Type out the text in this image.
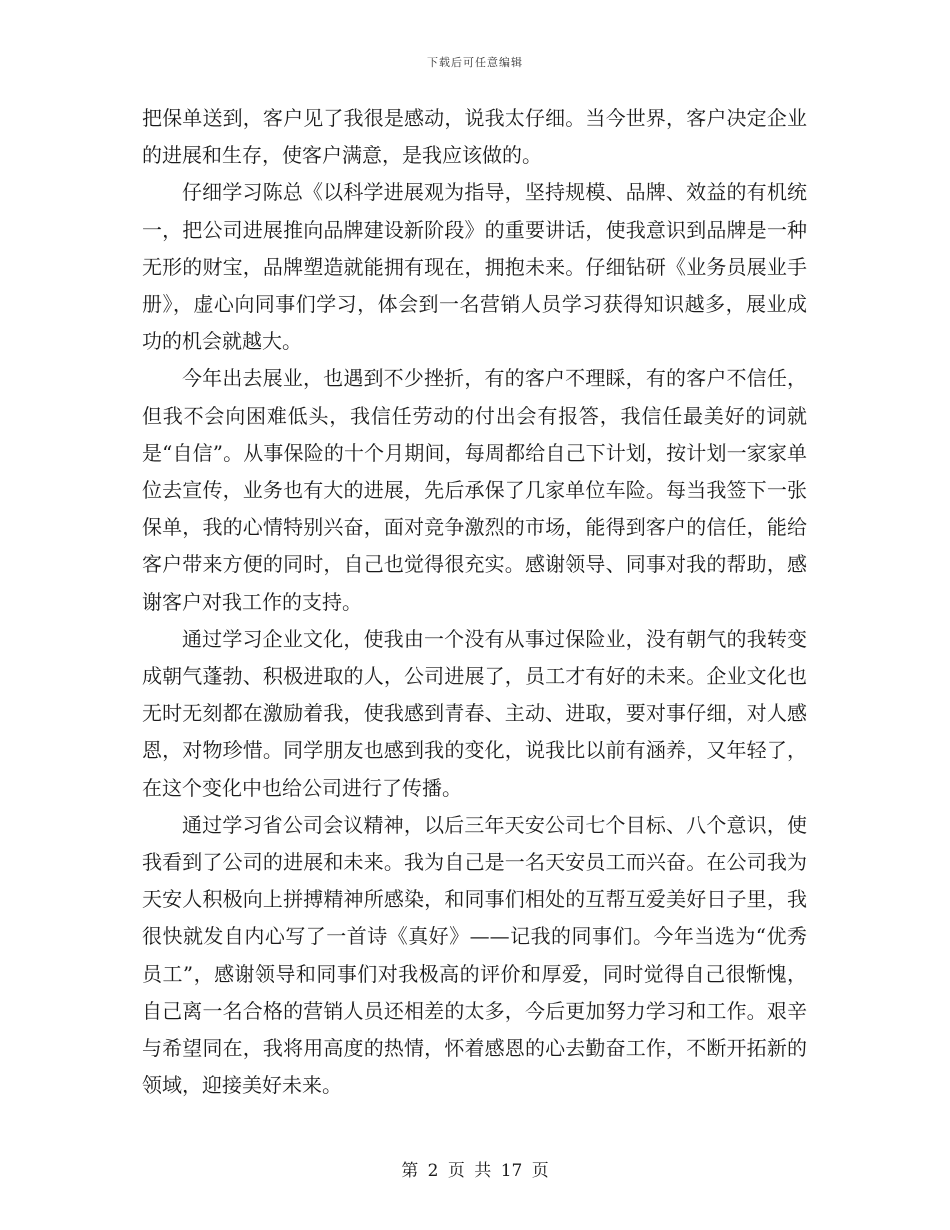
下载后可任意编辑

把保单送到，客户见了我很是感动，说我太仔细。当今世界，客户决定企业的进展和生存，使客户满意，是我应该做的。

仔细学习陈总《以科学进展观为指导，坚持规模、品牌、效益的有机统一，把公司进展推向品牌建设新阶段》的重要讲话，使我意识到品牌是一种无形的财宝，品牌塑造就能拥有现在，拥抱未来。仔细钻研《业务员展业手册》，虚心向同事们学习，体会到一名营销人员学习获得知识越多，展业成功的机会就越大。

今年出去展业，也遇到不少挫折，有的客户不理睬，有的客户不信任，但我不会向困难低头，我信任劳动的付出会有报答，我信任最美好的词就是“自信”。从事保险的十个月期间，每周都给自己下计划，按计划一家家单位去宣传，业务也有大的进展，先后承保了几家单位车险。每当我签下一张保单，我的心情特别兴奋，面对竞争激烈的市场，能得到客户的信任，能给客户带来方便的同时，自己也觉得很充实。感谢领导、同事对我的帮助，感谢客户对我工作的支持。

通过学习企业文化，使我由一个没有从事过保险业，没有朝气的我转变成朝气蓬勃、积极进取的人，公司进展了，员工才有好的未来。企业文化也无时无刻都在激励着我，使我感到青春、主动、进取，要对事仔细，对人感恩，对物珍惜。同学朋友也感到我的变化，说我比以前有涵养，又年轻了，在这个变化中也给公司进行了传播。

通过学习省公司会议精神，以后三年天安公司七个目标、八个意识，使我看到了公司的进展和未来。我为自己是一名天安员工而兴奋。在公司我为天安人积极向上拼搏精神所感染，和同事们相处的互帮互爱美好日子里，我很快就发自内心写了一首诗《真好》——记我的同事们。今年当选为“优秀员工”，感谢领导和同事们对我极高的评价和厚爱，同时觉得自己很惭愧，自己离一名合格的营销人员还相差的太多，今后更加努力学习和工作。艰辛与希望同在，我将用高度的热情，怀着感恩的心去勤奋工作，不断开拓新的领域，迎接美好未来。

第 2 页 共 17 页
